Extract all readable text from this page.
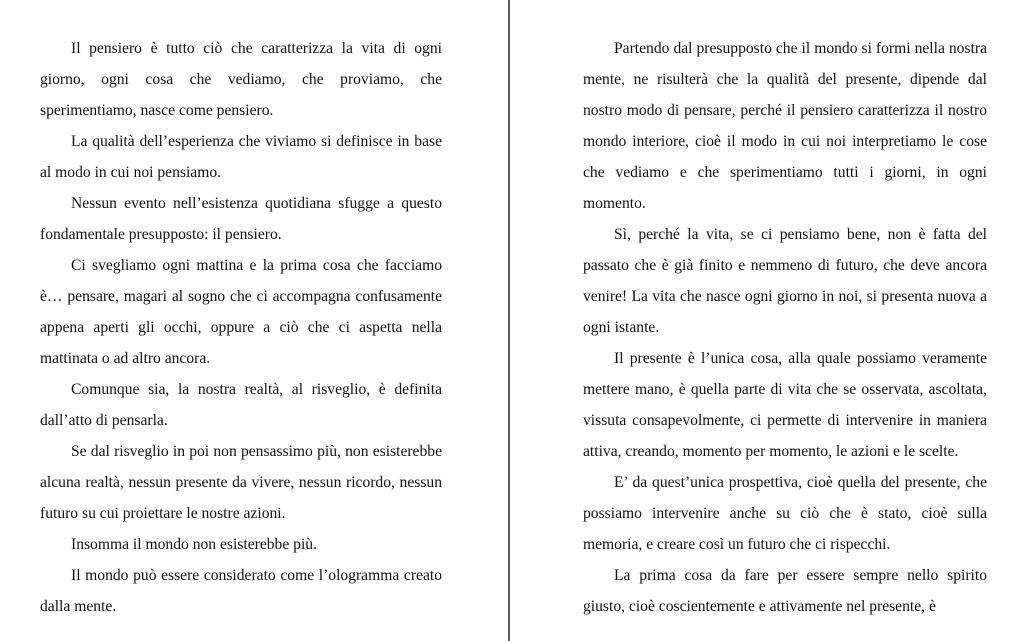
Il pensiero è tutto ciò che caratterizza la vita di ogni giorno, ogni cosa che vediamo, che proviamo, che sperimentiamo, nasce come pensiero.

La qualità dell’esperienza che viviamo si definisce in base al modo in cui noi pensiamo.

Nessun evento nell’esistenza quotidiana sfugge a questo fondamentale presupposto: il pensiero.

Ci svegliamo ogni mattina e la prima cosa che facciamo è… pensare, magari al sogno che ci accompagna confusamente appena aperti gli occhi, oppure a ciò che ci aspetta nella mattinata o ad altro ancora.

Comunque sia, la nostra realtà, al risveglio, è definita dall’atto di pensarla.

Se dal risveglio in poi non pensassimo più, non esisterebbe alcuna realtà, nessun presente da vivere, nessun ricordo, nessun futuro su cui proiettare le nostre azioni.

Insomma il mondo non esisterebbe più.

Il mondo può essere considerato come l’ologramma creato dalla mente.

Partendo dal presupposto che il mondo si formi nella nostra mente, ne risulterà che la qualità del presente, dipende dal nostro modo di pensare, perché il pensiero caratterizza il nostro mondo interiore, cioè il modo in cui noi interpretiamo le cose che vediamo e che sperimentiamo tutti i giorni, in ogni momento.

Sì, perché la vita, se ci pensiamo bene, non è fatta del passato che è già finito e nemmeno di futuro, che deve ancora venire! La vita che nasce ogni giorno in noi, si presenta nuova a ogni istante.

Il presente è l’unica cosa, alla quale possiamo veramente mettere mano, è quella parte di vita che se osservata, ascoltata, vissuta consapevolmente, ci permette di intervenire in maniera attiva, creando, momento per momento, le azioni e le scelte.

E’ da quest’unica prospettiva, cioè quella del presente, che possiamo intervenire anche su ciò che è stato, cioè sulla memoria, e creare così un futuro che ci rispecchi.

La prima cosa da fare per essere sempre nello spirito giusto, cioè coscientemente e attivamente nel presente, è
